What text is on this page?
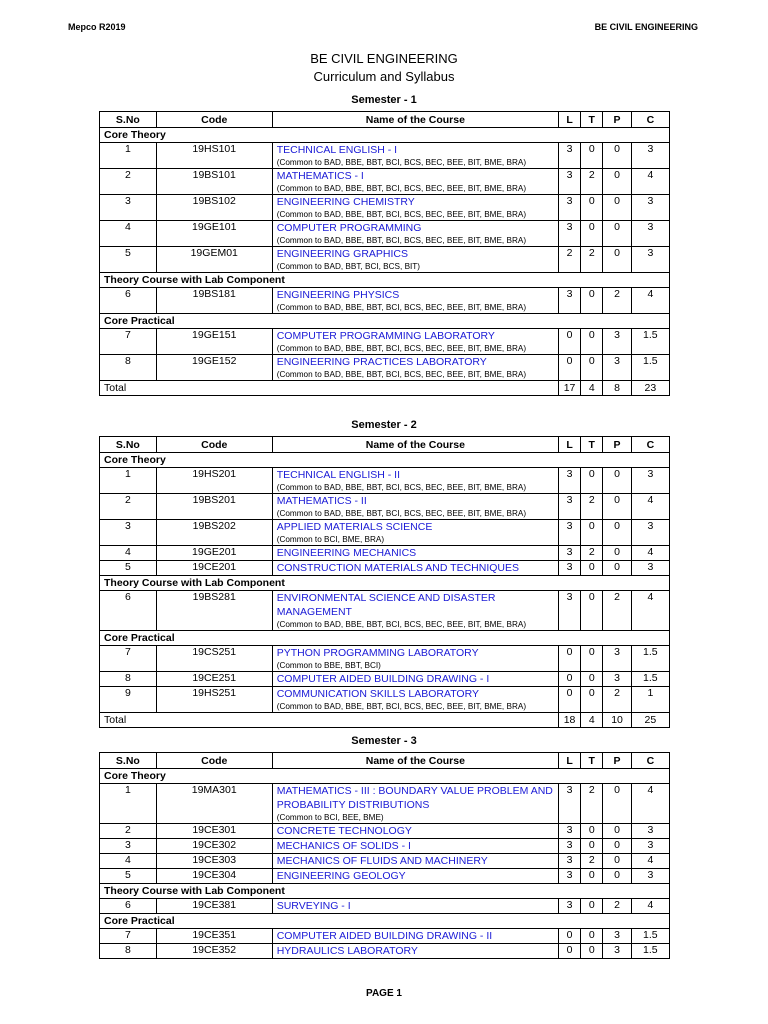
Mepco R2019	BE CIVIL ENGINEERING
BE CIVIL ENGINEERING
Curriculum and Syllabus
Semester - 1
S.No	Code	Name of the Course	L	T	P	C
Core Theory						
1	19HS101	TECHNICAL ENGLISH - I
(Common to BAD, BBE, BBT, BCI, BCS, BEC, BEE, BIT, BME, BRA)	3	0	0	3
2	19BS101	MATHEMATICS - I
(Common to BAD, BBE, BBT, BCI, BCS, BEC, BEE, BIT, BME, BRA)	3	2	0	4
3	19BS102	ENGINEERING CHEMISTRY
(Common to BAD, BBE, BBT, BCI, BCS, BEC, BEE, BIT, BME, BRA)	3	0	0	3
4	19GE101	COMPUTER PROGRAMMING
(Common to BAD, BBE, BBT, BCI, BCS, BEC, BEE, BIT, BME, BRA)	3	0	0	3
5	19GEM01	ENGINEERING GRAPHICS
(Common to BAD, BBT, BCI, BCS, BIT)	2	2	0	3
Theory Course with Lab Component						
6	19BS181	ENGINEERING PHYSICS
(Common to BAD, BBE, BBT, BCI, BCS, BEC, BEE, BIT, BME, BRA)	3	0	2	4
Core Practical						
7	19GE151	COMPUTER PROGRAMMING LABORATORY
(Common to BAD, BBE, BBT, BCI, BCS, BEC, BEE, BIT, BME, BRA)	0	0	3	1.5
8	19GE152	ENGINEERING PRACTICES LABORATORY
(Common to BAD, BBE, BBT, BCI, BCS, BEC, BEE, BIT, BME, BRA)	0	0	3	1.5
Total			17	4	8	23
Semester - 2
S.No	Code	Name of the Course	L	T	P	C
Core Theory						
1	19HS201	TECHNICAL ENGLISH - II
(Common to BAD, BBE, BBT, BCI, BCS, BEC, BEE, BIT, BME, BRA)	3	0	0	3
2	19BS201	MATHEMATICS - II
(Common to BAD, BBE, BBT, BCI, BCS, BEC, BEE, BIT, BME, BRA)	3	2	0	4
3	19BS202	APPLIED MATERIALS SCIENCE
(Common to BCI, BME, BRA)	3	0	0	3
4	19GE201	ENGINEERING MECHANICS	3	2	0	4
5	19CE201	CONSTRUCTION MATERIALS AND TECHNIQUES	3	0	0	3
Theory Course with Lab Component						
6	19BS281	ENVIRONMENTAL SCIENCE AND DISASTER MANAGEMENT
(Common to BAD, BBE, BBT, BCI, BCS, BEC, BEE, BIT, BME, BRA)	3	0	2	4
Core Practical						
7	19CS251	PYTHON PROGRAMMING LABORATORY
(Common to BBE, BBT, BCI)	0	0	3	1.5
8	19CE251	COMPUTER AIDED BUILDING DRAWING - I	0	0	3	1.5
9	19HS251	COMMUNICATION SKILLS LABORATORY
(Common to BAD, BBE, BBT, BCI, BCS, BEC, BEE, BIT, BME, BRA)	0	0	2	1
Total			18	4	10	25
Semester - 3
S.No	Code	Name of the Course	L	T	P	C
Core Theory						
1	19MA301	MATHEMATICS - III : BOUNDARY VALUE PROBLEM AND PROBABILITY DISTRIBUTIONS
(Common to BCI, BEE, BME)	3	2	0	4
2	19CE301	CONCRETE TECHNOLOGY	3	0	0	3
3	19CE302	MECHANICS OF SOLIDS - I	3	0	0	3
4	19CE303	MECHANICS OF FLUIDS AND MACHINERY	3	2	0	4
5	19CE304	ENGINEERING GEOLOGY	3	0	0	3
Theory Course with Lab Component						
6	19CE381	SURVEYING - I	3	0	2	4
Core Practical						
7	19CE351	COMPUTER AIDED BUILDING DRAWING - II	0	0	3	1.5
8	19CE352	HYDRAULICS LABORATORY	0	0	3	1.5
PAGE 1
